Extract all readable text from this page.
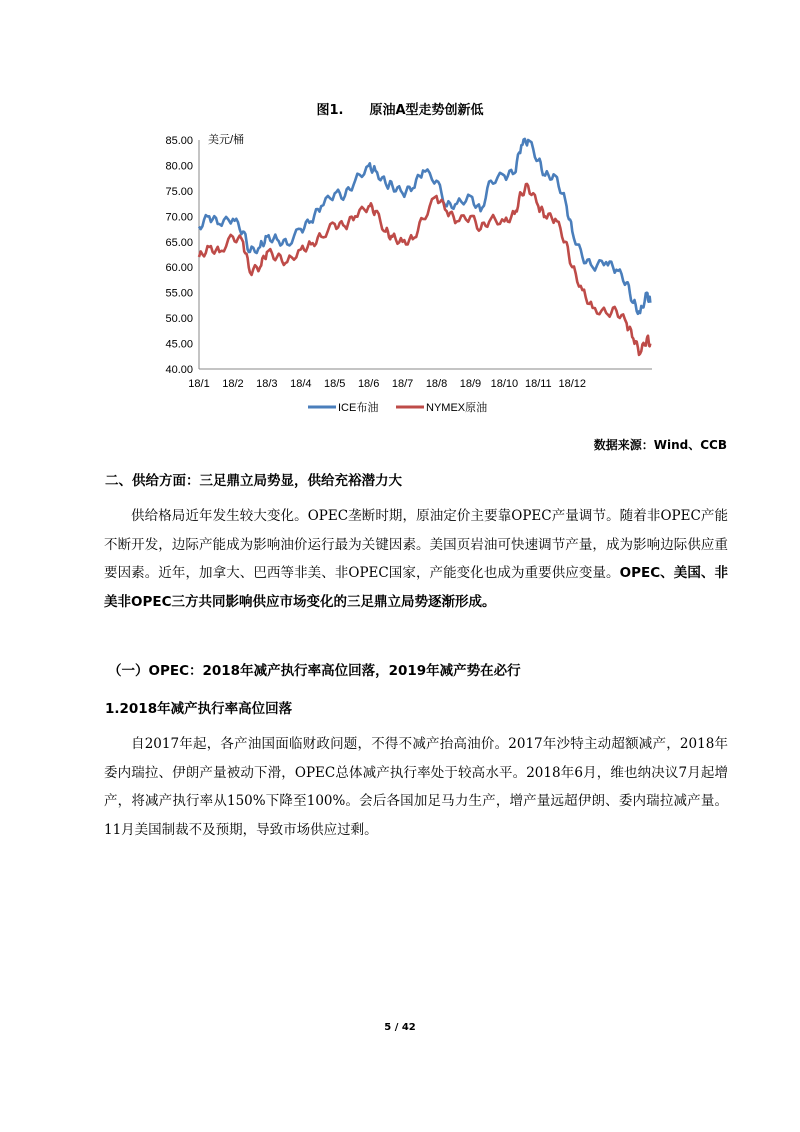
图1. 原油A型走势创新低
美元/桶
40.00
45.00
50.00
55.00
60.00
65.00
70.00
75.00
80.00
85.00
18/1 18/2 18/3 18/4 18/5 18/6 18/7 18/8 18/9 18/10 18/11 18/12
ICE布油	NYMEX原油
数据来源：Wind、CCB
二、供给方面：三足鼎立局势显，供给充裕潜力大
供给格局近年发生较大变化。OPEC垄断时期，原油定价主要靠OPEC产量调节。随着非OPEC产能不断开发，边际产能成为影响油价运行最为关键因素。美国页岩油可快速调节产量，成为影响边际供应重要因素。近年，加拿大、巴西等非美、非OPEC国家，产能变化也成为重要供应变量。OPEC、美国、非美非OPEC三方共同影响供应市场变化的三足鼎立局势逐渐形成。
（一）OPEC：2018年减产执行率高位回落，2019年减产势在必行
1.2018年减产执行率高位回落
自2017年起，各产油国面临财政问题，不得不减产抬高油价。2017年沙特主动超额减产，2018年委内瑞拉、伊朗产量被动下滑，OPEC总体减产执行率处于较高水平。2018年6月，维也纳决议7月起增产，将减产执行率从150%下降至100%。会后各国加足马力生产，增产量远超伊朗、委内瑞拉减产量。11月美国制裁不及预期，导致市场供应过剩。
5 / 42
